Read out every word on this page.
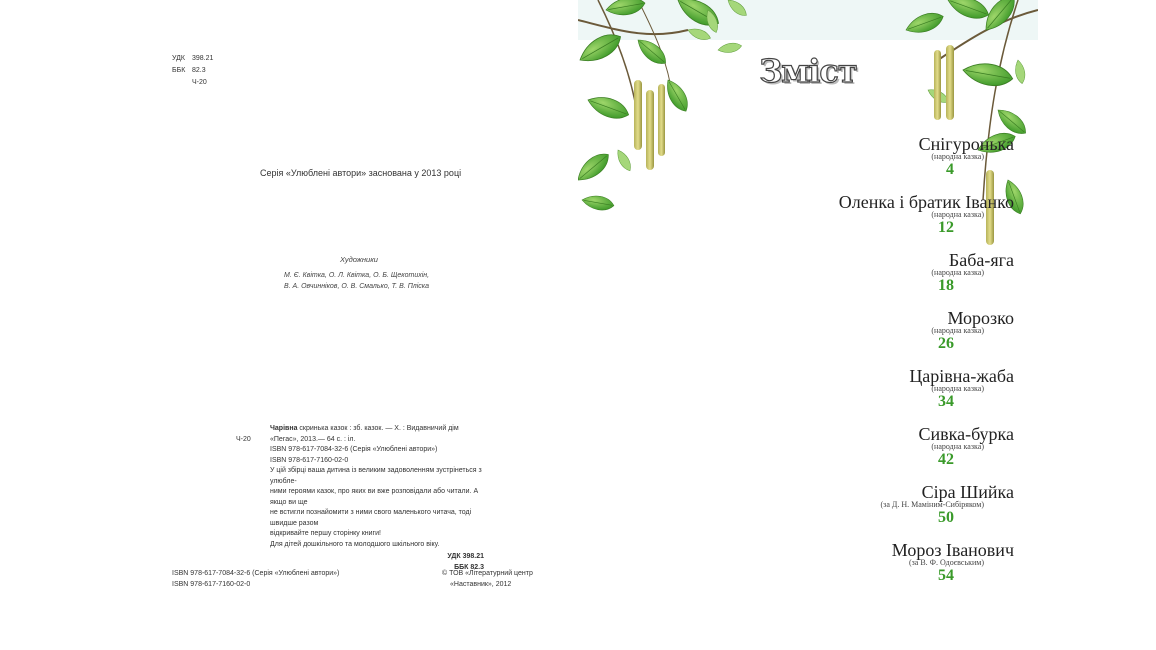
УДК	398.21
ББК 82.3
Ч-20
Серія «Улюблені автори» заснована у 2013 році
Художники
М. Є. Квітка, О. Л. Квітка, О. Б. Щекотихін,
В. А. Овчинніков, О. В. Смалько, Т. В. Пліска
Чарівна скринька казок : зб. казок. — Х. : Видавничий дім
Ч-20	«Пегас», 2013.— 64 с. : іл.
ISBN 978-617-7084-32-6 (Серія «Улюблені автори»)
ISBN 978-617-7160-02-0
У цій збірці ваша дитина із великим задоволенням зустрінеться з улюбле-
ними героями казок, про яких ви вже розповідали або читали. А якщо ви ще
не встигли познайомити з ними свого маленького читача, тоді швидше разом
відкривайте першу сторінку книги!
Для дітей дошкільного та молодшого шкільного віку.
УДК 398.21
ББК 82.3
ISBN 978-617-7084-32-6 (Серія «Улюблені автори»)
ISBN 978-617-7160-02-0
© ТОВ «Літературний центр
«Наставник», 2012
Зміст
Снігуронька
(народна казка)
4
Оленка і братик Іванко
(народна казка)
12
Баба-яга
(народна казка)
18
Морозко
(народна казка)
26
Царівна-жаба
(народна казка)
34
Сивка-бурка
(народна казка)
42
Сіра Шийка
(за Д. Н. Маміним-Сибіряком)
50
Мороз Іванович
(за В. Ф. Одоєвським)
54
